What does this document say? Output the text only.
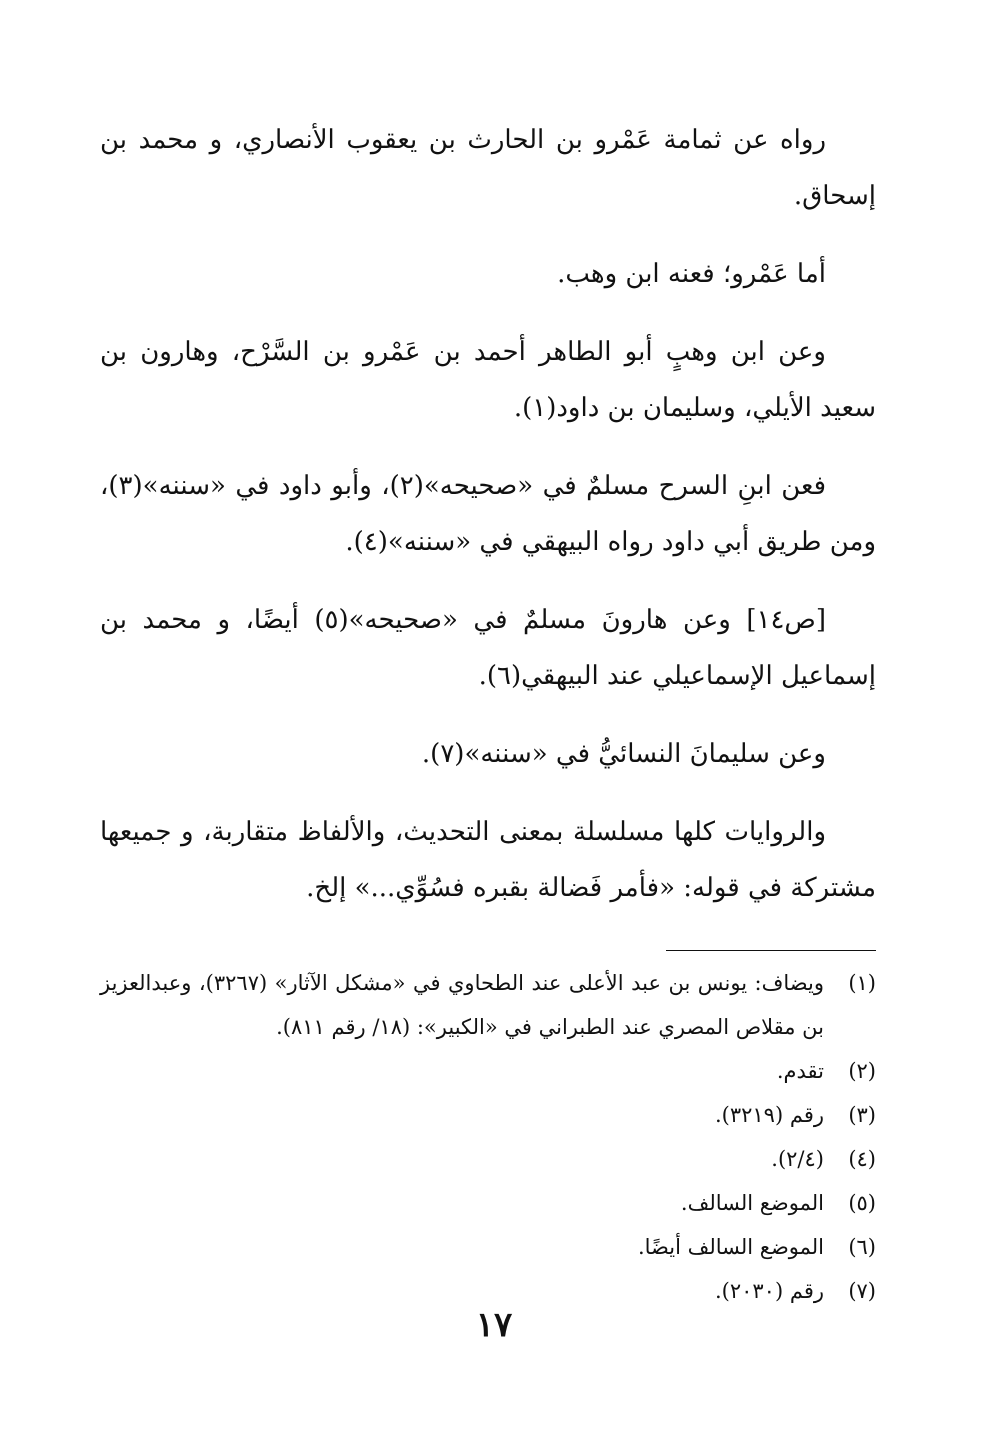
رواه عن ثمامة عَمْرو بن الحارث بن يعقوب الأنصاري، و محمد بن إسحاق.

أما عَمْرو؛ فعنه ابن وهب.

وعن ابن وهبٍ أبو الطاهر أحمد بن عَمْرو بن السَّرْح، وهارون بن سعيد الأيلي، وسليمان بن داود(١).

فعن ابنِ السرح مسلمٌ في «صحيحه»(٢)، وأبو داود في «سننه»(٣)، ومن طريق أبي داود رواه البيهقي في «سننه»(٤).

[ص١٤] وعن هارونَ مسلمٌ في «صحيحه»(٥) أيضًا، و محمد بن إسماعيل الإسماعيلي عند البيهقي(٦).

وعن سليمانَ النسائيُّ في «سننه»(٧).

والروايات كلها مسلسلة بمعنى التحديث، والألفاظ متقاربة، و جميعها مشتركة في قوله: «فأمر فَضالة بقبره فسُوِّي...» إلخ.

(١)
ويضاف: يونس بن عبد الأعلى عند الطحاوي في «مشكل الآثار» (٣٢٦٧)، وعبدالعزيز بن مقلاص المصري عند الطبراني في «الكبير»: (١٨/ رقم ٨١١).
(٢)
تقدم.
(٣)
رقم (٣٢١٩).
(٤)
(٢/٤).
(٥)
الموضع السالف.
(٦)
الموضع السالف أيضًا.
(٧)
رقم (٢٠٣٠).
١٧
